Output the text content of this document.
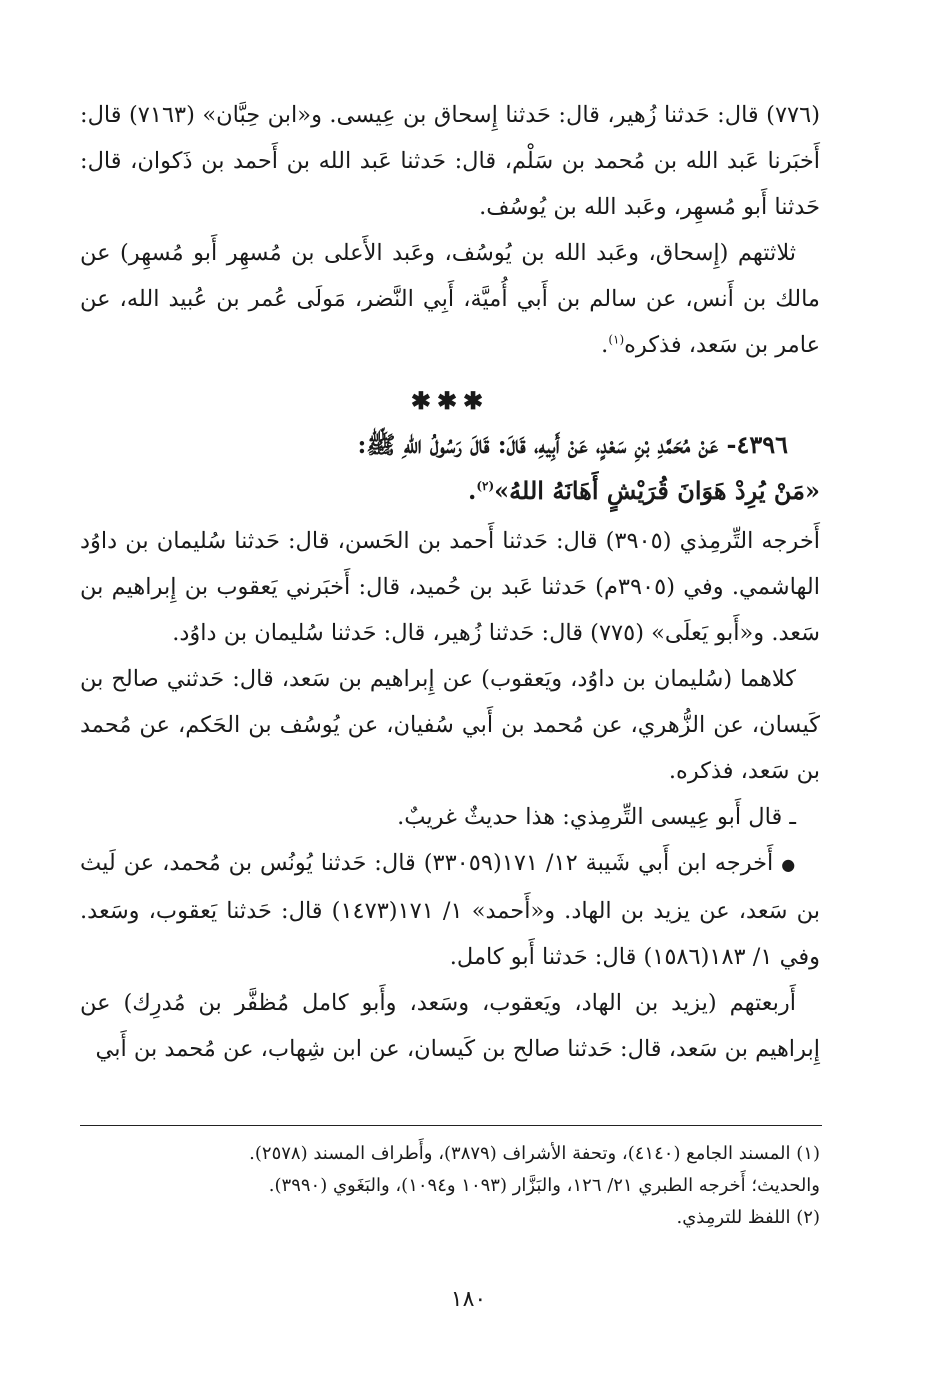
(٧٧٦) قال: حَدثنا زُهير، قال: حَدثنا إِسحاق بن عِيسى. و«ابن حِبَّان» (٧١٦٣) قال: أَخبَرنا عَبد الله بن مُحمد بن سَلْم، قال: حَدثنا عَبد الله بن أَحمد بن ذَكوان، قال: حَدثنا أَبو مُسهِر، وعَبد الله بن يُوسُف.

ثلاثتهم (إِسحاق، وعَبد الله بن يُوسُف، وعَبد الأَعلى بن مُسهِر أَبو مُسهِر) عن مالك بن أَنس، عن سالم بن أَبي أُميَّة، أَبِي النَّضر، مَولَى عُمر بن عُبيد الله، عن عامر بن سَعد، فذكره$^{(١)}$.

✱✱✱
٤٣٩٦- عَنْ مُحَمَّدِ بْنِ سَعْدٍ، عَنْ أَبِيهِ، قَالَ: قَالَ رَسُولُ اللهِ ﷺ:
«مَنْ يُرِدْ هَوَانَ قُرَيْشٍ أَهَانَهُ اللهُ»$^{(٢)}$.

أَخرجه التِّرمِذي (٣٩٠٥) قال: حَدثنا أَحمد بن الحَسن، قال: حَدثنا سُليمان بن داوُد الهاشمي. وفي (٣٩٠٥م) حَدثنا عَبد بن حُميد، قال: أَخبَرني يَعقوب بن إِبراهيم بن سَعد. و«أَبو يَعلَى» (٧٧٥) قال: حَدثنا زُهير، قال: حَدثنا سُليمان بن داوُد.

كلاهما (سُليمان بن داوُد، ويَعقوب) عن إِبراهيم بن سَعد، قال: حَدثني صالح بن كَيسان، عن الزُّهري، عن مُحمد بن أَبي سُفيان، عن يُوسُف بن الحَكم، عن مُحمد بن سَعد، فذكره.

ـ قال أَبو عِيسى التِّرمِذي: هذا حديثٌ غريبٌ.

●أَخرجه ابن أَبي شَيبة ١٢/ ١٧١(٣٣٠٥٩) قال: حَدثنا يُونُس بن مُحمد، عن لَيث بن سَعد، عن يزيد بن الهاد. و«أَحمد» ١/ ١٧١(١٤٧٣) قال: حَدثنا يَعقوب، وسَعد. وفي ١/ ١٨٣(١٥٨٦) قال: حَدثنا أَبو كامل.

أَربعتهم (يزيد بن الهاد، ويَعقوب، وسَعد، وأَبو كامل مُظفَّر بن مُدرِك) عن إِبراهيم بن سَعد، قال: حَدثنا صالح بن كَيسان، عن ابن شِهاب، عن مُحمد بن أَبي

(١) المسند الجامع (٤١٤٠)، وتحفة الأشراف (٣٨٧٩)، وأَطراف المسند (٢٥٧٨).

والحديث؛ أَخرجه الطبري ٢١/ ١٢٦، والبَزَّار (١٠٩٣ و١٠٩٤)، والبَغَوي (٣٩٩٠).

(٢) اللفظ للترمِذي.

١٨٠
